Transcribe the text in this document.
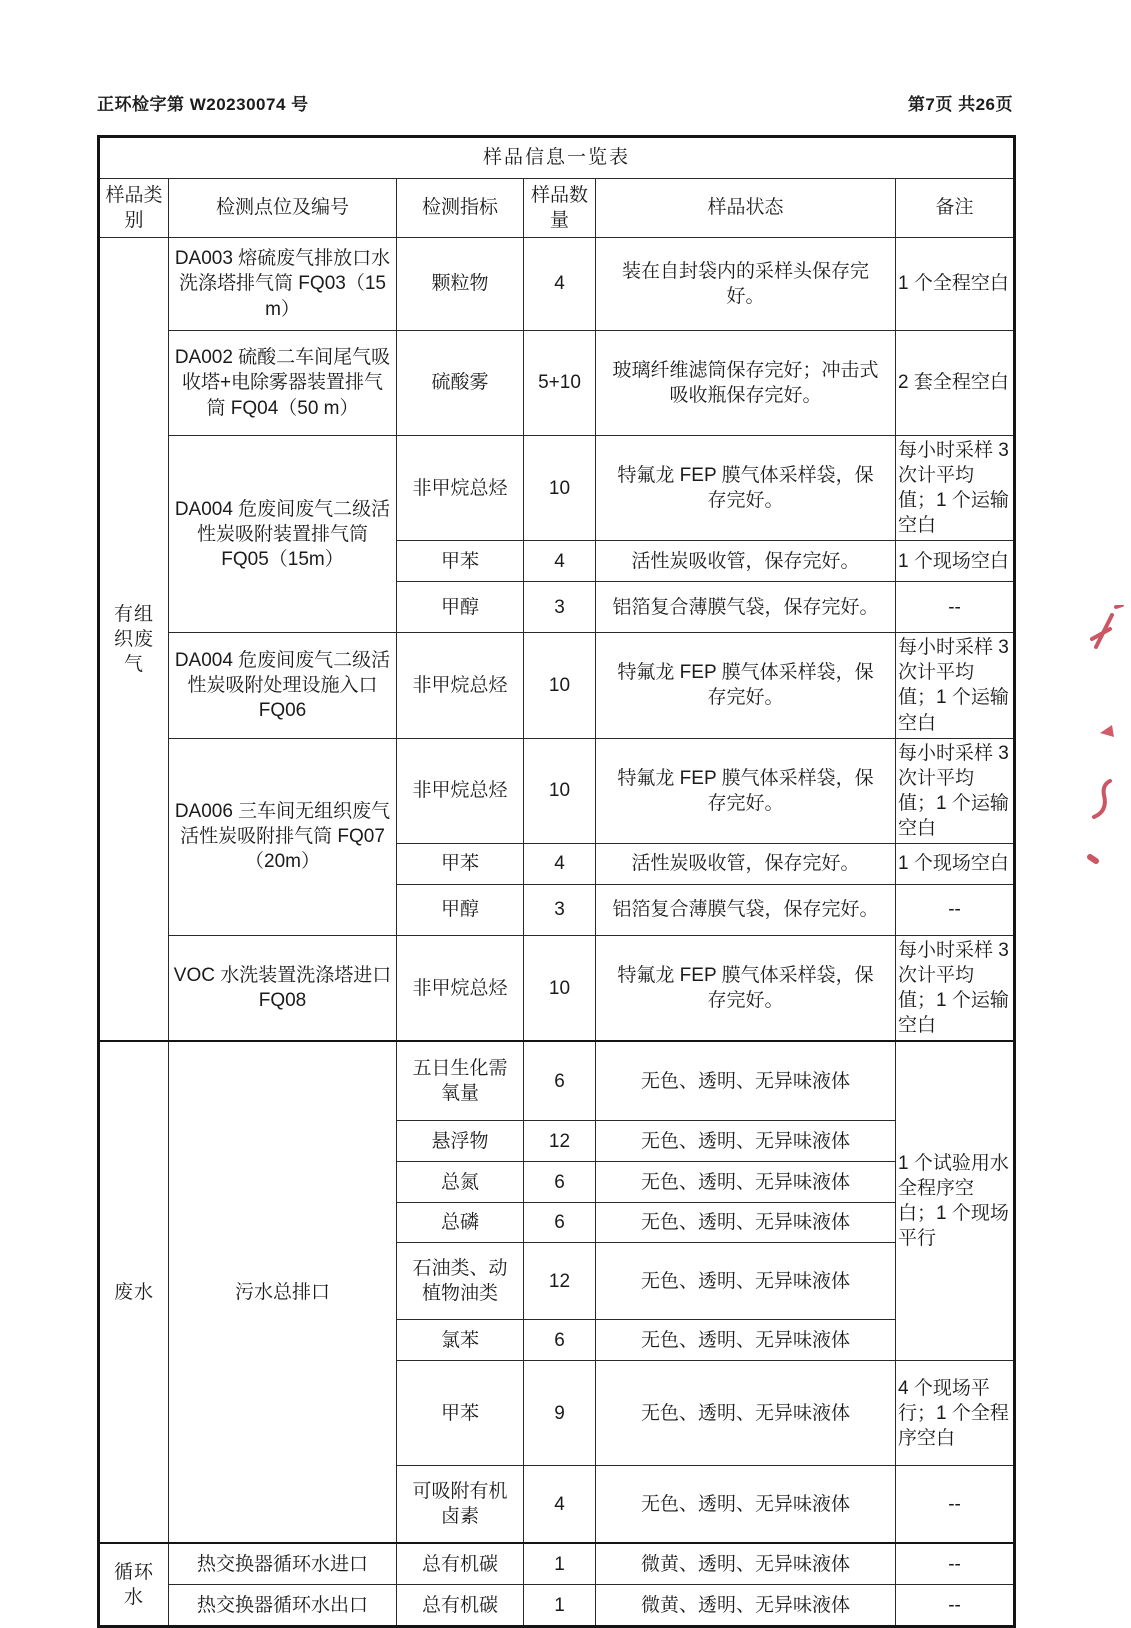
正环检字第 W20230074 号	第7页 共26页
样品信息一览表					
样品类别	检测点位及编号	检测指标	样品数量	样品状态	备注
有组织废气	DA003 熔硫废气排放口水洗涤塔排气筒 FQ03（15 m）	颗粒物	4	装在自封袋内的采样头保存完好。	1 个全程空白
	DA002 硫酸二车间尾气吸收塔+电除雾器装置排气筒 FQ04（50 m）	硫酸雾	5+10	玻璃纤维滤筒保存完好；冲击式吸收瓶保存完好。	2 套全程空白
	DA004 危废间废气二级活性炭吸附装置排气筒 FQ05（15m）	非甲烷总烃	10	特氟龙 FEP 膜气体采样袋，保存完好。	每小时采样 3 次计平均值；1 个运输空白
		甲苯	4	活性炭吸收管，保存完好。	1 个现场空白
		甲醇	3	铝箔复合薄膜气袋，保存完好。	--
	DA004 危废间废气二级活性炭吸附处理设施入口 FQ06	非甲烷总烃	10	特氟龙 FEP 膜气体采样袋，保存完好。	每小时采样 3 次计平均值；1 个运输空白
	DA006 三车间无组织废气活性炭吸附排气筒 FQ07（20m）	非甲烷总烃	10	特氟龙 FEP 膜气体采样袋，保存完好。	每小时采样 3 次计平均值；1 个运输空白
		甲苯	4	活性炭吸收管，保存完好。	1 个现场空白
		甲醇	3	铝箔复合薄膜气袋，保存完好。	--
	VOC 水洗装置洗涤塔进口 FQ08	非甲烷总烃	10	特氟龙 FEP 膜气体采样袋，保存完好。	每小时采样 3 次计平均值；1 个运输空白
废水	污水总排口	五日生化需氧量	6	无色、透明、无异味液体	1 个试验用水全程序空白；1 个现场平行
		悬浮物	12	无色、透明、无异味液体	
		总氮	6	无色、透明、无异味液体	
		总磷	6	无色、透明、无异味液体	
		石油类、动植物油类	12	无色、透明、无异味液体	
		氯苯	6	无色、透明、无异味液体	
		甲苯	9	无色、透明、无异味液体	4 个现场平行；1 个全程序空白
		可吸附有机卤素	4	无色、透明、无异味液体	--
循环水	热交换器循环水进口	总有机碳	1	微黄、透明、无异味液体	--
	热交换器循环水出口	总有机碳	1	微黄、透明、无异味液体	--
